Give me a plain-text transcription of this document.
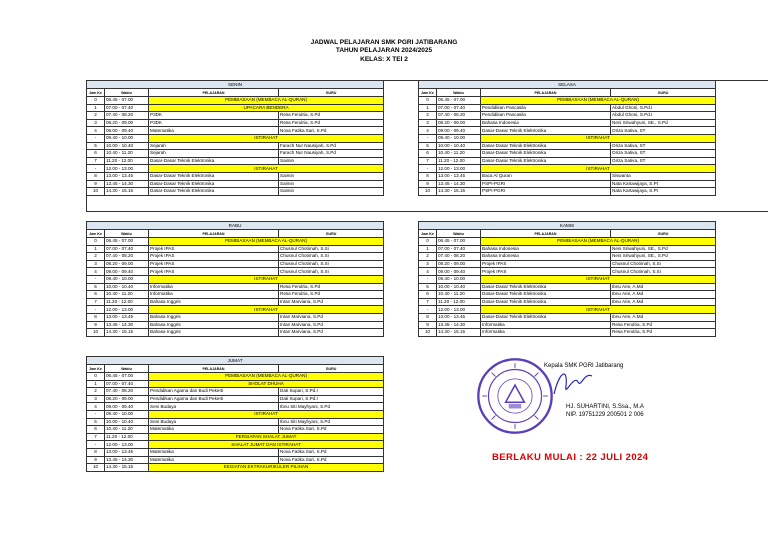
JADWAL PELAJARAN SMK PGRI JATIBARANG
TAHUN PELAJARAN 2024/2025
KELAS: X TEI 2
SENIN			
Jam Ke	Waktu	PELAJARAN	GURU
0	06.45 - 07.00	PEMBIASAAN (MEMBACA AL-QURAN)	
1	07.00 - 07.40	UPACARA BENDERA	
2	07.40 - 08.20	P3DK	Resa Fendria, S.Pd
3	08.20 - 09.00	P3DK	Resa Fendria, S.Pd
4	09.00 - 09.40	Matematika	Nova Fatika Sari, S.Pd
-	09.40 - 10.00	ISTIRAHAT	
5	10.00 - 10.40	Sejarah	Farach Nur Nausiyah, S.Pd
6	10.40 - 11.20	Sejarah	Farach Nur Nausiyah, S.Pd
7	11.20 - 12.00	Dasar-Dasar Teknik Elektronika	Saimin
-	12.00 - 13.00	ISTIRAHAT	
8	13.00 - 13.45	Dasar-Dasar Teknik Elektronika	Saimin
9	13.45 - 14.30	Dasar-Dasar Teknik Elektronika	Saimin
10	14.30 - 15.15	Dasar-Dasar Teknik Elektronika	Saimin
SELASA			
Jam Ke	Waktu	PELAJARAN	GURU
0	06.45 - 07.00	PEMBIASAAN (MEMBACA AL-QURAN)	
1	07.00 - 07.40	Pendidikan Pancasila	Abdul Ghoni, S.Pd.I
2	07.40 - 08.20	Pendidikan Pancasila	Abdul Ghoni, S.Pd.I
3	08.20 - 09.00	Bahasa Indonesia	Neni Sriwahyuni, SE., S.Pd
4	09.00 - 09.40	Dasar-Dasar Teknik Elektronika	Oriza Sativa, ST
-	09.40 - 10.00	ISTIRAHAT	
5	10.00 - 10.40	Dasar-Dasar Teknik Elektronika	Oriza Sativa, ST
6	10.40 - 11.20	Dasar-Dasar Teknik Elektronika	Oriza Sativa, ST
7	11.20 - 12.00	Dasar-Dasar Teknik Elektronika	Oriza Sativa, ST
-	12.00 - 13.00	ISTIRAHAT	
8	13.00 - 13.45	Baca Al Quran	Siswanta
9	13.45 - 14.30	PSPI-PGRI	Nata Kartawijaya, S.Pt
10	14.30 - 15.15	PSPI-PGRI	Nata Kartawijaya, S.Pt
RABU			
Jam Ke	Waktu	PELAJARAN	GURU
0	06.45 - 07.00	PEMBIASAAN (MEMBACA AL-QURAN)	
1	07.00 - 07.40	Projek IPAS	Chusnul Chotimah, S.Si
2	07.40 - 08.20	Projek IPAS	Chusnul Chotimah, S.Si
3	08.20 - 09.00	Projek IPAS	Chusnul Chotimah, S.Si
4	09.00 - 09.40	Projek IPAS	Chusnul Chotimah, S.Si
-	09.40 - 10.00	ISTIRAHAT	
5	10.00 - 10.40	Informatika	Resa Fendria, S.Pd
6	10.40 - 11.20	Informatika	Resa Fendria, S.Pd
7	11.20 - 12.00	Bahasa Inggris	Intan Marviana, S.Pd
-	12.00 - 13.00	ISTIRAHAT	
8	13.00 - 13.45	Bahasa Inggris	Intan Marviana, S.Pd
9	13.45 - 14.30	Bahasa Inggris	Intan Marviana, S.Pd
10	14.30 - 15.15	Bahasa Inggris	Intan Marviana, S.Pd
KAMIS			
Jam Ke	Waktu	PELAJARAN	GURU
0	06.45 - 07.00	PEMBIASAAN (MEMBACA AL-QURAN)	
1	07.00 - 07.40	Bahasa Indonesia	Neni Sriwahyuni, SE., S.Pd
2	07.40 - 08.20	Bahasa Indonesia	Neni Sriwahyuni, SE., S.Pd
3	08.20 - 09.00	Projek IPAS	Chusnul Chotimah, S.Si
4	09.00 - 09.40	Projek IPAS	Chusnul Chotimah, S.Si
-	09.40 - 10.00	ISTIRAHAT	
5	10.00 - 10.40	Dasar-Dasar Teknik Elektronika	Ibnu Arie, A.Md
6	10.40 - 11.20	Dasar-Dasar Teknik Elektronika	Ibnu Arie, A.Md
7	11.20 - 12.00	Dasar-Dasar Teknik Elektronika	Ibnu Arie, A.Md
-	12.00 - 13.00	ISTIRAHAT	
8	13.00 - 13.45	Dasar-Dasar Teknik Elektronika	Ibnu Arie, A.Md
9	13.45 - 14.30	Informatika	Resa Fendria, S.Pd
10	14.30 - 15.15	Informatika	Resa Fendria, S.Pd
JUMAT			
Jam Ke	Waktu	PELAJARAN	GURU
0	06.45 - 07.00	PEMBIASAAN (MEMBACA AL-QURAN)	
1	07.00 - 07.40	SHOLAT DHUHA	
2	07.40 - 08.20	Pendidikan Agama dan Budi Pekerti	Dati Supari, S.Pd.I
3	08.20 - 09.00	Pendidikan Agama dan Budi Pekerti	Dati Supari, S.Pd.I
4	09.00 - 09.40	Seni Budaya	Ibnu Siti Mayhyani, S.Pd
-	09.40 - 10.00	ISTIRAHAT	
5	10.00 - 10.40	Seni Budaya	Ibnu Siti Mayhyani, S.Pd
6	10.40 - 11.20	Matematika	Nova Fatika Sari, S.Pd
7	11.20 - 12.00	PERSIAPAN SHALAT JUMAT	
-	12.00 - 13.00	SHALAT JUMAT DAN ISTIRAHAT	
8	13.00 - 13.45	Matematika	Nova Fatika Sari, S.Pd
9	13.45 - 14.30	Matematika	Nova Fatika Sari, S.Pd
10	14.30 - 15.15	KEGIATAN EKTRAKURIKULER PILIHAN	
Kepala SMK PGRI Jatibarang
HJ. SUHARTINI, S.Ssa., M.A
NIP. 19751229 200501 2 006
BERLAKU MULAI : 22 JULI 2024
